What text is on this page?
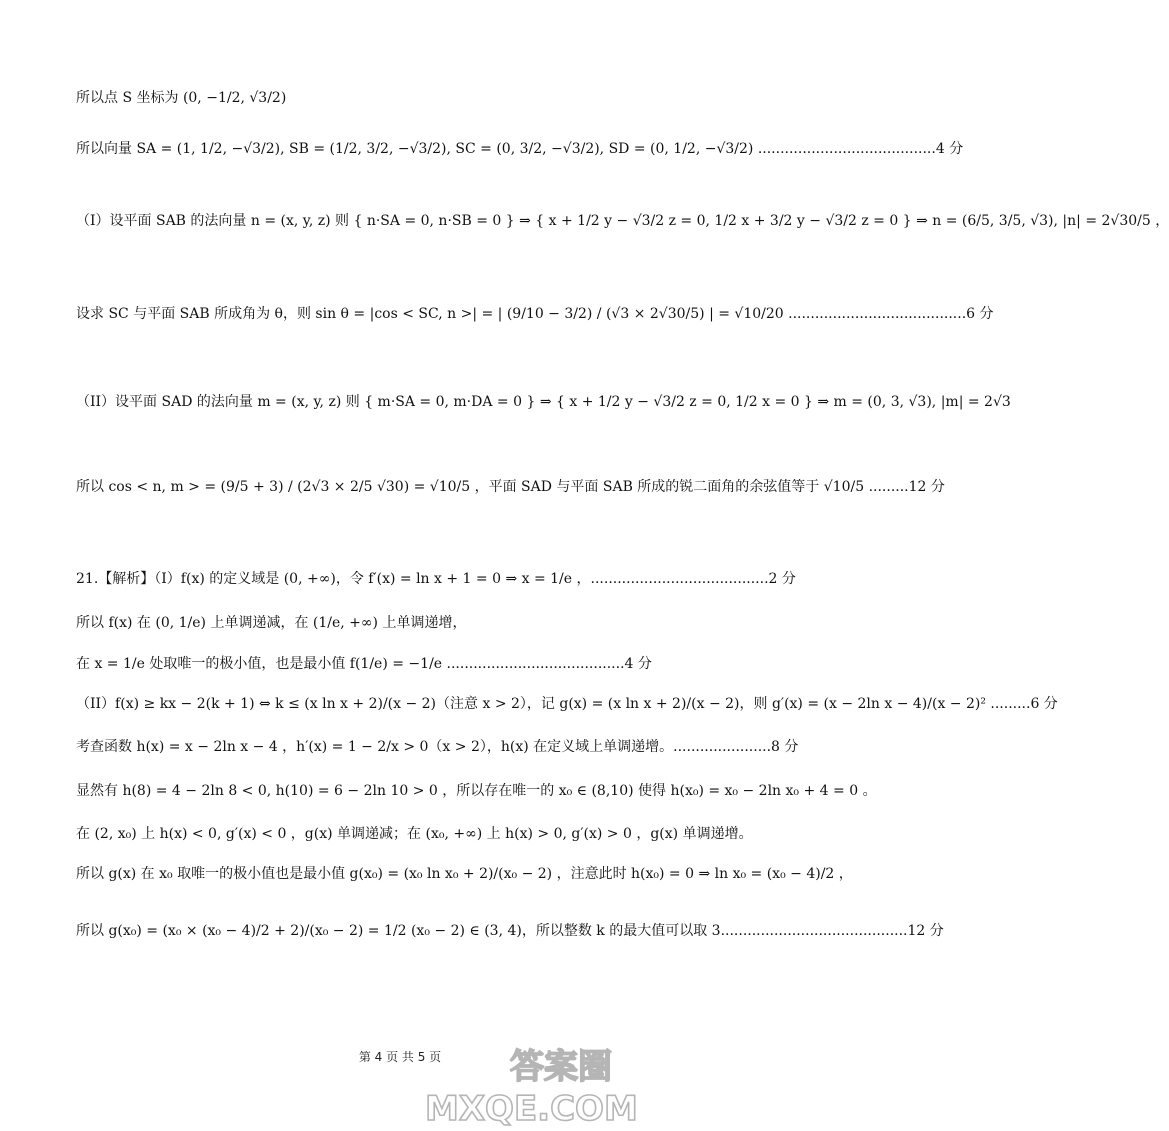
所以点 S 坐标为 (0, −1/2, √3/2)
所以向量 SA = (1, 1/2, −√3/2), SB = (1/2, 3/2, −√3/2), SC = (0, 3/2, −√3/2), SD = (0, 1/2, −√3/2) ........................................4 分
（I）设平面 SAB 的法向量 n = (x, y, z) 则 { n·SA = 0, n·SB = 0 } ⇒ { x + 1/2 y − √3/2 z = 0, 1/2 x + 3/2 y − √3/2 z = 0 } ⇒ n = (6/5, 3/5, √3), |n| = 2√30/5 ，
设求 SC 与平面 SAB 所成角为 θ，则 sin θ = |cos < SC, n >| = | (9/10 − 3/2) / (√3 × 2√30/5) | = √10/20 ........................................6 分
（II）设平面 SAD 的法向量 m = (x, y, z) 则 { m·SA = 0, m·DA = 0 } ⇒ { x + 1/2 y − √3/2 z = 0, 1/2 x = 0 } ⇒ m = (0, 3, √3), |m| = 2√3
所以 cos < n, m > = (9/5 + 3) / (2√3 × 2/5 √30) = √10/5 ，平面 SAD 与平面 SAB 所成的锐二面角的余弦值等于 √10/5 .........12 分
21.【解析】（I）f(x) 的定义域是 (0, +∞)，令 f′(x) = ln x + 1 = 0 ⇒ x = 1/e ，........................................2 分
所以 f(x) 在 (0, 1/e) 上单调递减，在 (1/e, +∞) 上单调递增，
在 x = 1/e 处取唯一的极小值，也是最小值 f(1/e) = −1/e ........................................4 分
（II）f(x) ≥ kx − 2(k + 1) ⇔ k ≤ (x ln x + 2)/(x − 2)（注意 x > 2），记 g(x) = (x ln x + 2)/(x − 2)，则 g′(x) = (x − 2ln x − 4)/(x − 2)² .........6 分
考查函数 h(x) = x − 2ln x − 4 ，h′(x) = 1 − 2/x > 0（x > 2），h(x) 在定义域上单调递增。......................8 分
显然有 h(8) = 4 − 2ln 8 < 0, h(10) = 6 − 2ln 10 > 0 ，所以存在唯一的 x₀ ∈ (8,10) 使得 h(x₀) = x₀ − 2ln x₀ + 4 = 0 。
在 (2, x₀) 上 h(x) < 0, g′(x) < 0 ，g(x) 单调递减；在 (x₀, +∞) 上 h(x) > 0, g′(x) > 0 ，g(x) 单调递增。
所以 g(x) 在 x₀ 取唯一的极小值也是最小值 g(x₀) = (x₀ ln x₀ + 2)/(x₀ − 2) ，注意此时 h(x₀) = 0 ⇒ ln x₀ = (x₀ − 4)/2 ，
所以 g(x₀) = (x₀ × (x₀ − 4)/2 + 2)/(x₀ − 2) = 1/2 (x₀ − 2) ∈ (3, 4)，所以整数 k 的最大值可以取 3..........................................12 分
第 4 页 共 5 页	答案圈
MXQE.COM
